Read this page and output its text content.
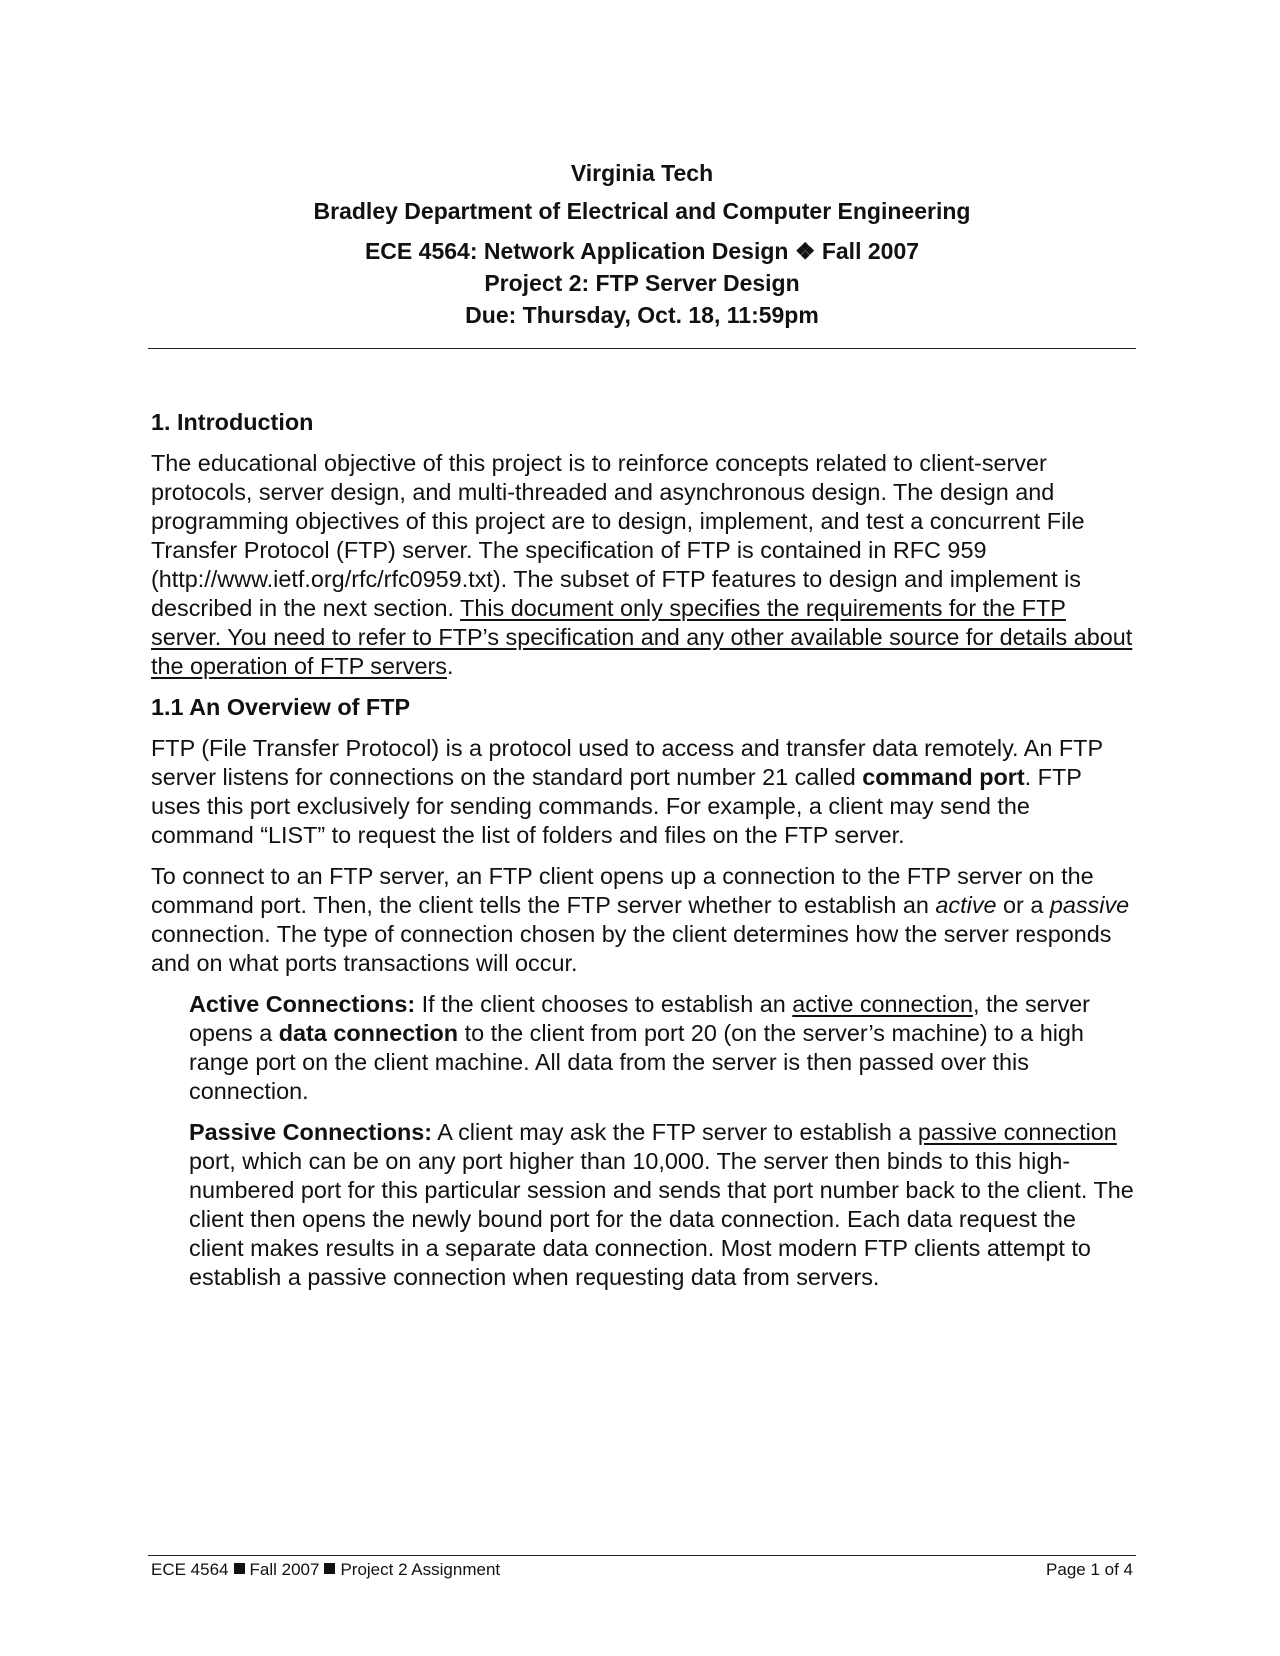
Virginia Tech
Bradley Department of Electrical and Computer Engineering
ECE 4564: Network Application Design ❖ Fall 2007
Project 2: FTP Server Design
Due: Thursday, Oct. 18, 11:59pm
1. Introduction

The educational objective of this project is to reinforce concepts related to client-server protocols, server design, and multi-threaded and asynchronous design. The design and programming objectives of this project are to design, implement, and test a concurrent File Transfer Protocol (FTP) server. The specification of FTP is contained in RFC 959 (http://www.ietf.org/rfc/rfc0959.txt). The subset of FTP features to design and implement is described in the next section. This document only specifies the requirements for the FTP server. You need to refer to FTP’s specification and any other available source for details about the operation of FTP servers.

1.1 An Overview of FTP

FTP (File Transfer Protocol) is a protocol used to access and transfer data remotely. An FTP server listens for connections on the standard port number 21 called command port. FTP uses this port exclusively for sending commands. For example, a client may send the command “LIST” to request the list of folders and files on the FTP server.

To connect to an FTP server, an FTP client opens up a connection to the FTP server on the command port. Then, the client tells the FTP server whether to establish an active or a passive connection. The type of connection chosen by the client determines how the server responds and on what ports transactions will occur.

Active Connections: If the client chooses to establish an active connection, the server opens a data connection to the client from port 20 (on the server’s machine) to a high range port on the client machine. All data from the server is then passed over this connection.

Passive Connections: A client may ask the FTP server to establish a passive connection port, which can be on any port higher than 10,000. The server then binds to this high-numbered port for this particular session and sends that port number back to the client. The client then opens the newly bound port for the data connection. Each data request the client makes results in a separate data connection. Most modern FTP clients attempt to establish a passive connection when requesting data from servers.

ECE 4564 Fall 2007 Project 2 Assignment	Page 1 of 4
